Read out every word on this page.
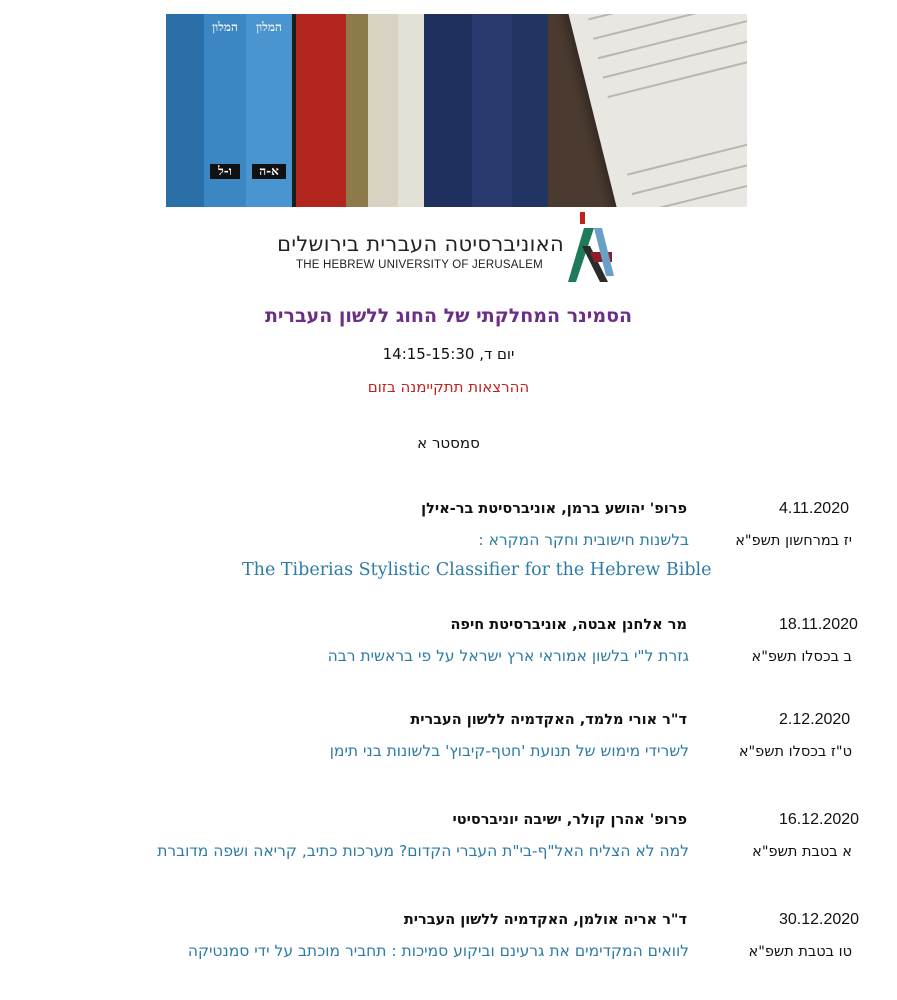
המלון
ו-ל
המלון
א-ה
האוניברסיטה העברית בירושלים
THE HEBREW UNIVERSITY OF JERUSALEM
הסמינר המחלקתי של החוג ללשון העברית
יום ד, 14:15-15:30
ההרצאות תתקיימנה בזום
סמסטר א
4.11.2020
פרופ' יהושע ברמן, אוניברסיטת בר-אילן
יז במרחשון תשפ"א
בלשנות חישובית וחקר המקרא :
The Tiberias Stylistic Classifier for the Hebrew Bible
18.11.2020
מר אלחנן אבטה, אוניברסיטת חיפה
ב בכסלו תשפ"א
גזרת ל"י בלשון אמוראי ארץ ישראל על פי בראשית רבה
2.12.2020
ד"ר אורי מלמד, האקדמיה ללשון העברית
ט"ז בכסלו תשפ"א
לשרידי מימוש של תנועת 'חטף-קיבוץ' בלשונות בני תימן
16.12.2020
פרופ' אהרן קולר, ישיבה יוניברסיטי
א בטבת תשפ"א
למה לא הצליח האל"ף-בי"ת העברי הקדום? מערכות כתיב, קריאה ושפה מדוברת
30.12.2020
ד"ר אריה אולמן, האקדמיה ללשון העברית
טו בטבת תשפ"א
לוואים המקדימים את גרעינם וביקוע סמיכות : תחביר מוכתב על ידי סמנטיקה
